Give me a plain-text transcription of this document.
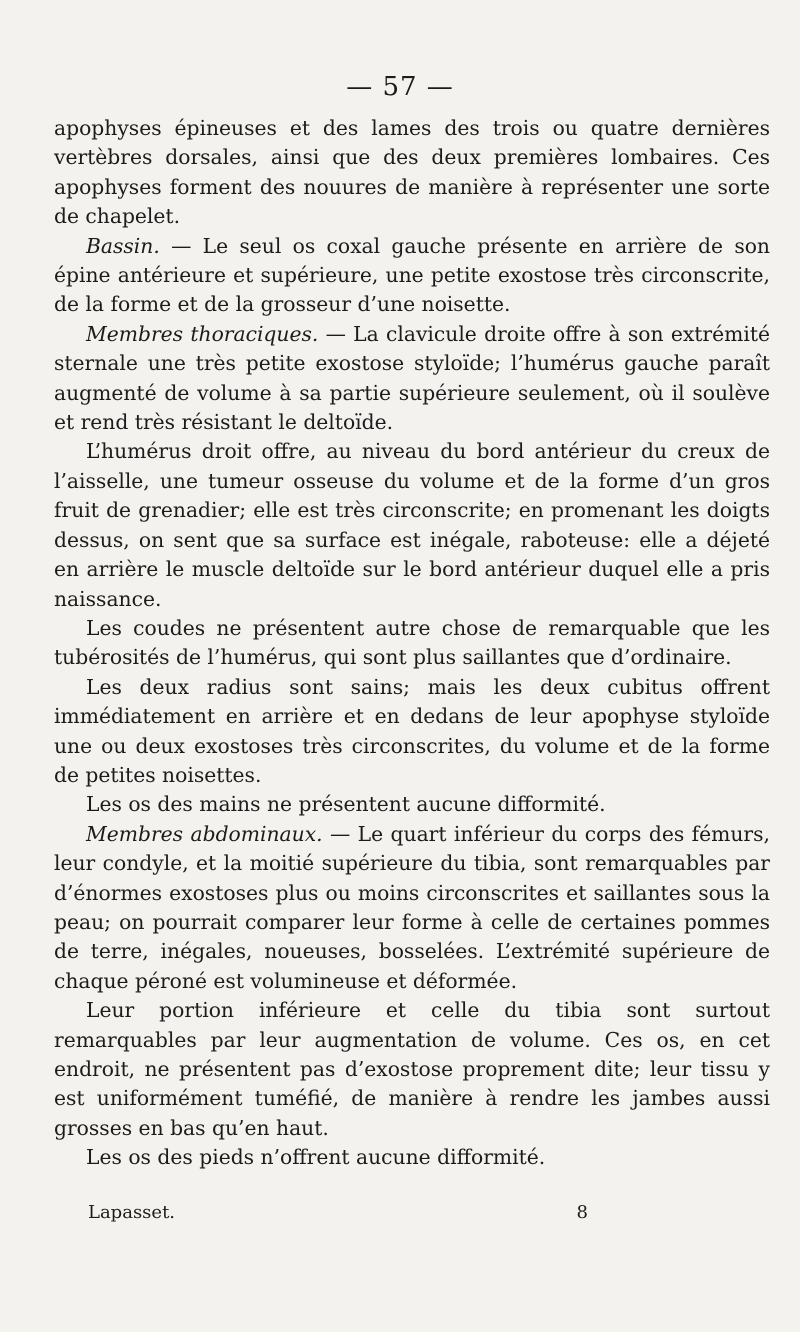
— 57 —

apophyses épineuses et des lames des trois ou quatre dernières vertèbres dorsales, ainsi que des deux premières lombaires. Ces apophyses forment des nouures de manière à représenter une sorte de chapelet.

Bassin. — Le seul os coxal gauche présente en arrière de son épine antérieure et supérieure, une petite exostose très circonscrite, de la forme et de la grosseur d’une noisette.

Membres thoraciques. — La clavicule droite offre à son extrémité sternale une très petite exostose styloïde; l’humérus gauche paraît augmenté de volume à sa partie supérieure seulement, où il soulève et rend très résistant le deltoïde.

L’humérus droit offre, au niveau du bord antérieur du creux de l’aisselle, une tumeur osseuse du volume et de la forme d’un gros fruit de grenadier; elle est très circonscrite; en promenant les doigts dessus, on sent que sa surface est inégale, raboteuse: elle a déjeté en arrière le muscle deltoïde sur le bord antérieur duquel elle a pris naissance.

Les coudes ne présentent autre chose de remarquable que les tubérosités de l’humérus, qui sont plus saillantes que d’ordinaire.

Les deux radius sont sains; mais les deux cubitus offrent immédiatement en arrière et en dedans de leur apophyse styloïde une ou deux exostoses très circonscrites, du volume et de la forme de petites noisettes.

Les os des mains ne présentent aucune difformité.

Membres abdominaux. — Le quart inférieur du corps des fémurs, leur condyle, et la moitié supérieure du tibia, sont remarquables par d’énormes exostoses plus ou moins circonscrites et saillantes sous la peau; on pourrait comparer leur forme à celle de certaines pommes de terre, inégales, noueuses, bosselées. L’extrémité supérieure de chaque péroné est volumineuse et déformée.

Leur portion inférieure et celle du tibia sont surtout remarquables par leur augmentation de volume. Ces os, en cet endroit, ne présentent pas d’exostose proprement dite; leur tissu y est uniformément tuméfié, de manière à rendre les jambes aussi grosses en bas qu’en haut.

Les os des pieds n’offrent aucune difformité.

Lapasset.	8
